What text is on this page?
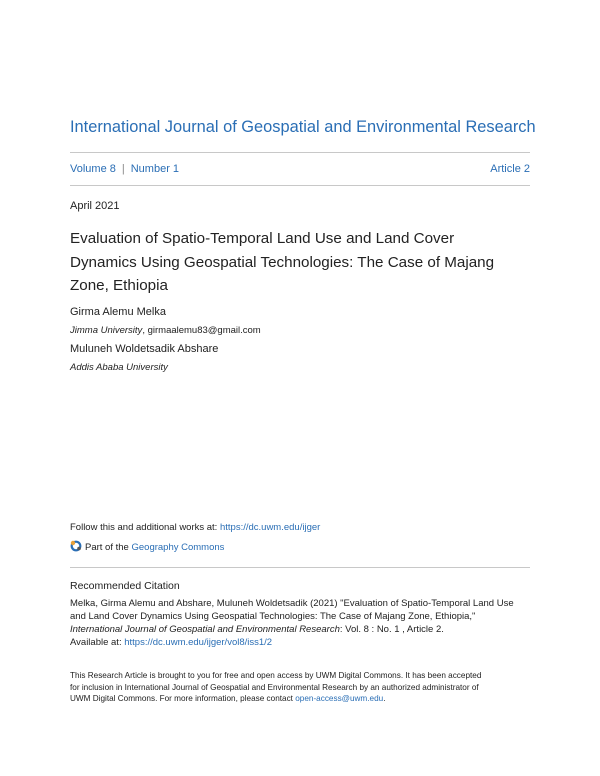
International Journal of Geospatial and Environmental Research
Volume 8 | Number 1	Article 2
April 2021
Evaluation of Spatio-Temporal Land Use and Land Cover
Dynamics Using Geospatial Technologies: The Case of Majang
Zone, Ethiopia
Girma Alemu Melka
Jimma University, girmaalemu83@gmail.com
Muluneh Woldetsadik Abshare
Addis Ababa University
Follow this and additional works at: https://dc.uwm.edu/ijger
Part of the Geography Commons
Recommended Citation
Melka, Girma Alemu and Abshare, Muluneh Woldetsadik (2021) "Evaluation of Spatio-Temporal Land Use
and Land Cover Dynamics Using Geospatial Technologies: The Case of Majang Zone, Ethiopia,"
International Journal of Geospatial and Environmental Research: Vol. 8 : No. 1 , Article 2.
Available at: https://dc.uwm.edu/ijger/vol8/iss1/2
This Research Article is brought to you for free and open access by UWM Digital Commons. It has been accepted
for inclusion in International Journal of Geospatial and Environmental Research by an authorized administrator of
UWM Digital Commons. For more information, please contact open-access@uwm.edu.
